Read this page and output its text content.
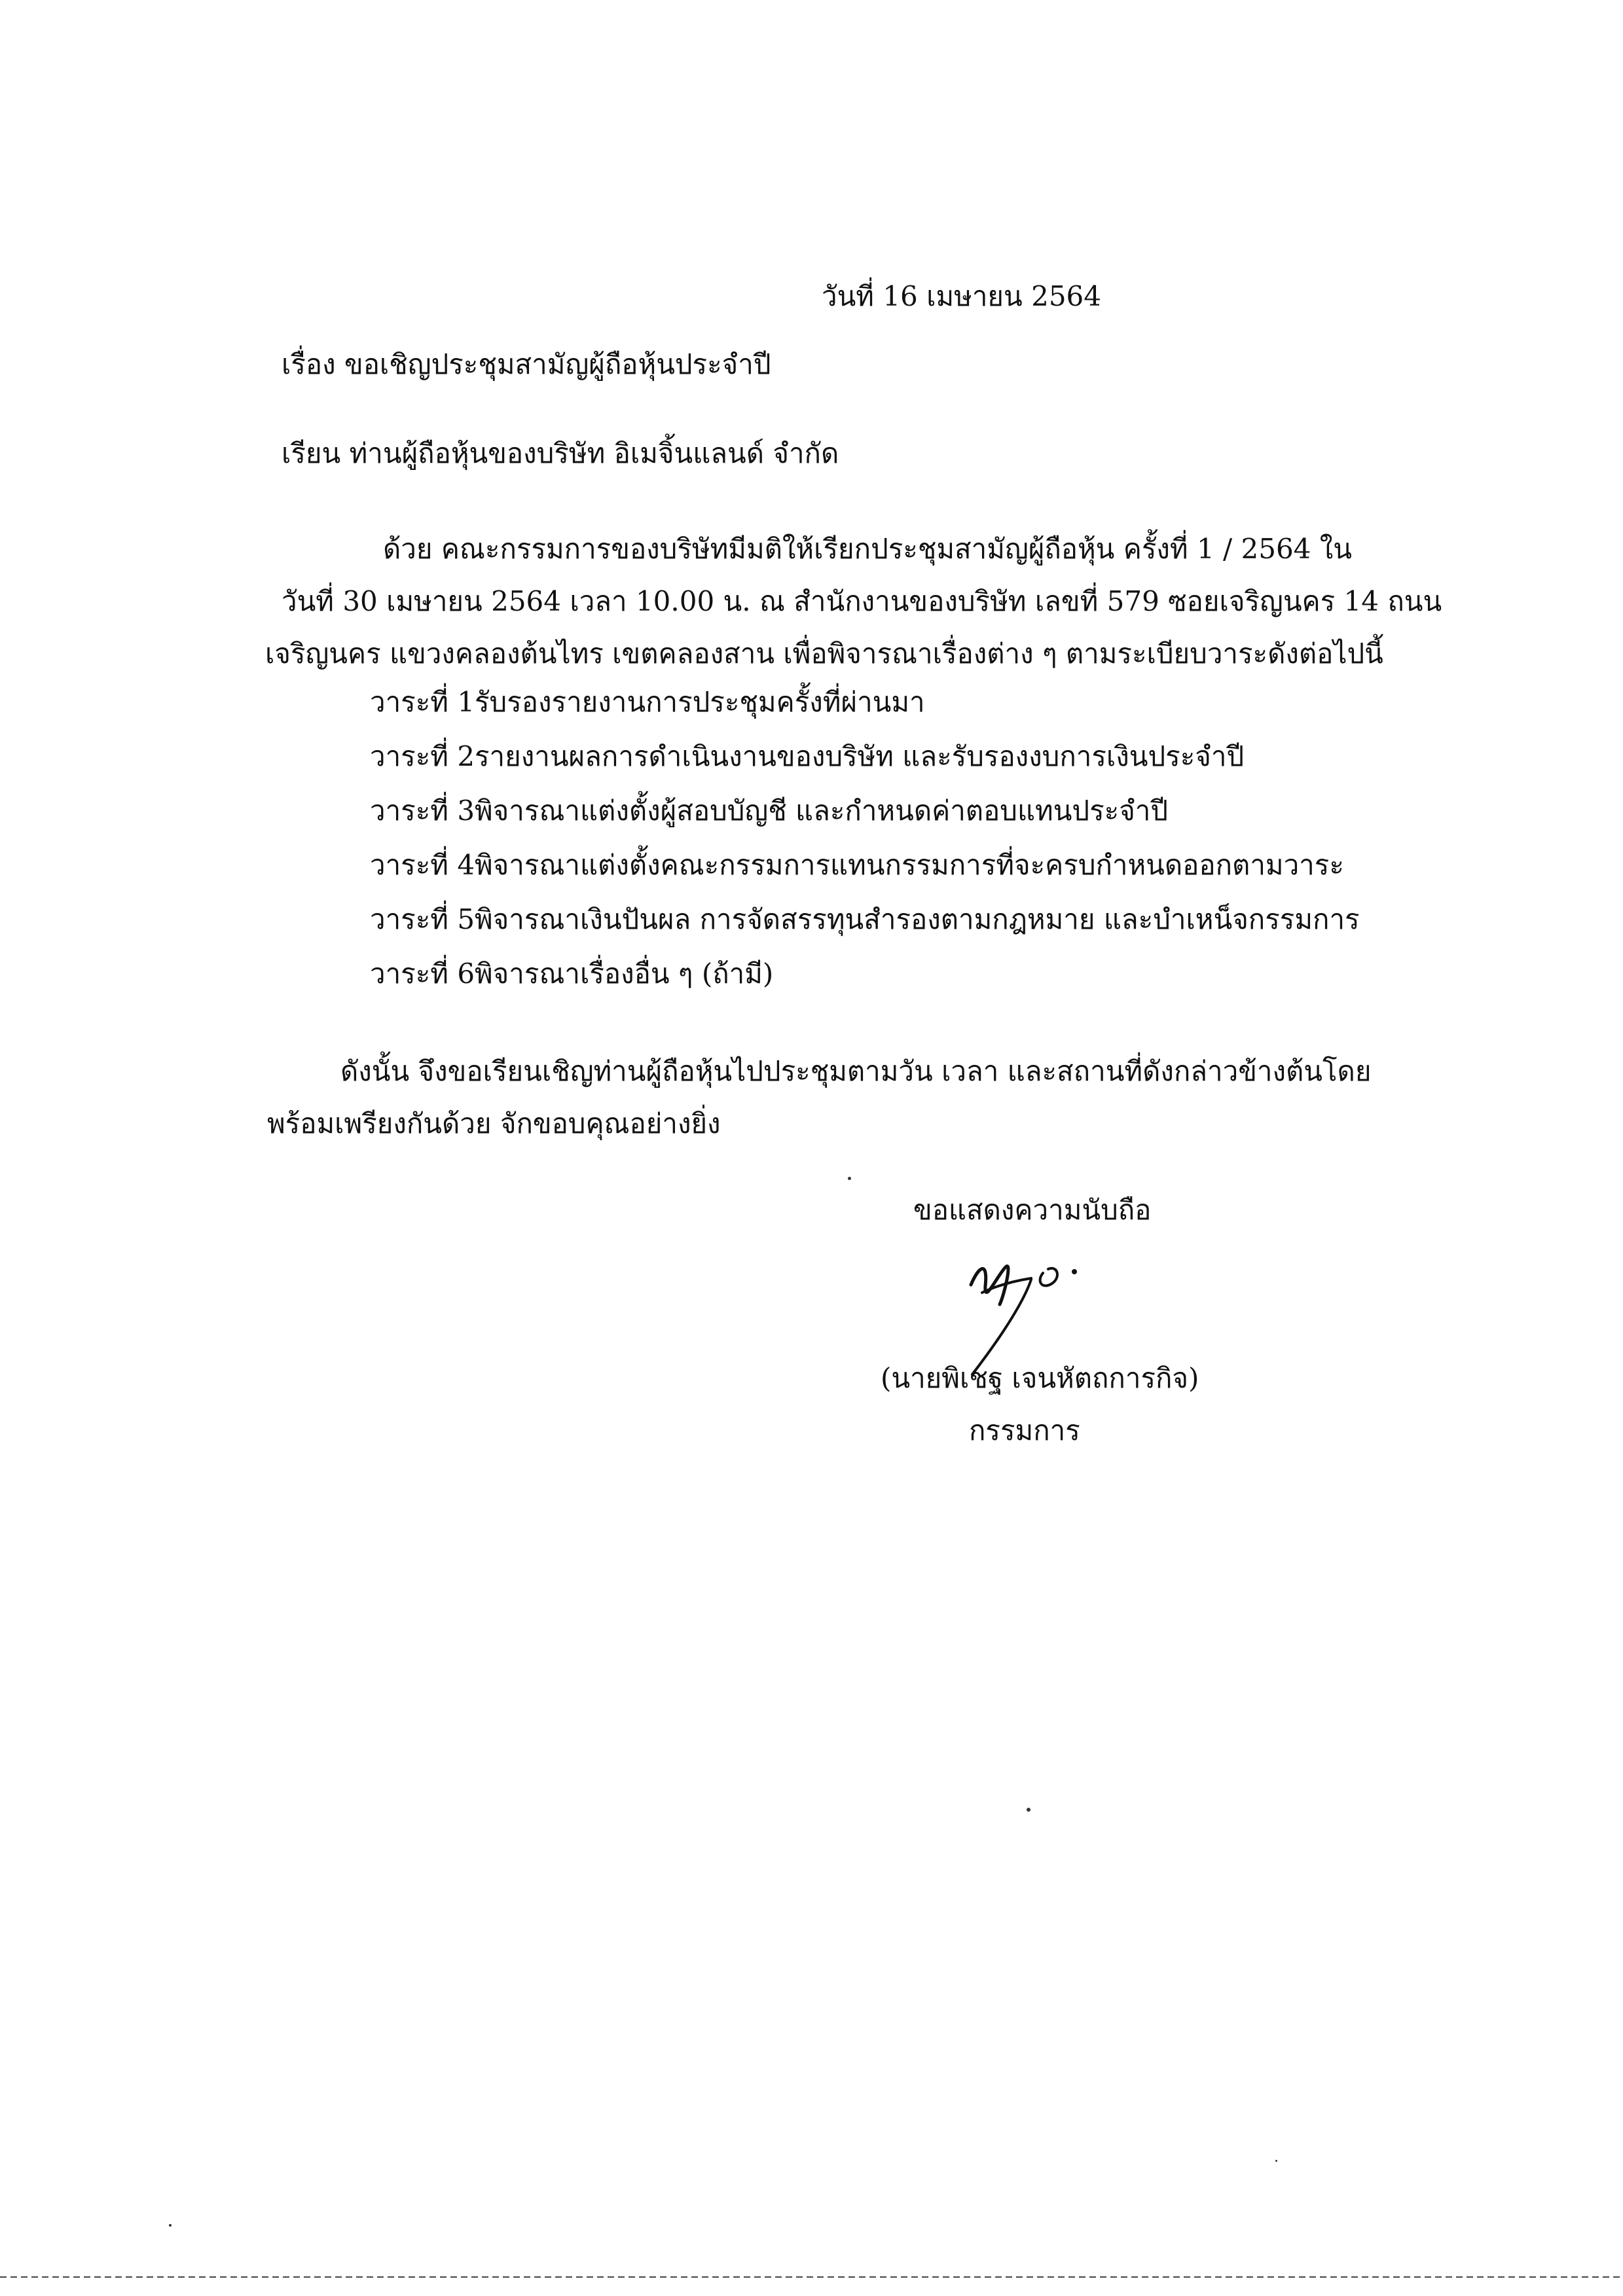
วันที่ 16 เมษายน 2564
เรื่อง ขอเชิญประชุมสามัญผู้ถือหุ้นประจำปี
เรียน ท่านผู้ถือหุ้นของบริษัท อิเมจิ้นแลนด์ จำกัด
ด้วย คณะกรรมการของบริษัทมีมติให้เรียกประชุมสามัญผู้ถือหุ้น ครั้งที่ 1 / 2564 ใน
วันที่ 30 เมษายน 2564 เวลา 10.00 น. ณ สำนักงานของบริษัท เลขที่ 579 ซอยเจริญนคร 14 ถนน
เจริญนคร แขวงคลองต้นไทร เขตคลองสาน เพื่อพิจารณาเรื่องต่าง ๆ ตามระเบียบวาระดังต่อไปนี้
วาระที่ 1 รับรองรายงานการประชุมครั้งที่ผ่านมา
วาระที่ 2 รายงานผลการดำเนินงานของบริษัท และรับรองงบการเงินประจำปี
วาระที่ 3 พิจารณาแต่งตั้งผู้สอบบัญชี และกำหนดค่าตอบแทนประจำปี
วาระที่ 4 พิจารณาแต่งตั้งคณะกรรมการแทนกรรมการที่จะครบกำหนดออกตามวาระ
วาระที่ 5 พิจารณาเงินปันผล การจัดสรรทุนสำรองตามกฎหมาย และบำเหน็จกรรมการ
วาระที่ 6 พิจารณาเรื่องอื่น ๆ (ถ้ามี)
ดังนั้น จึงขอเรียนเชิญท่านผู้ถือหุ้นไปประชุมตามวัน เวลา และสถานที่ดังกล่าวข้างต้นโดย
พร้อมเพรียงกันด้วย จักขอบคุณอย่างยิ่ง
ขอแสดงความนับถือ
(นายพิเชฐ เจนหัตถการกิจ)
กรรมการ
